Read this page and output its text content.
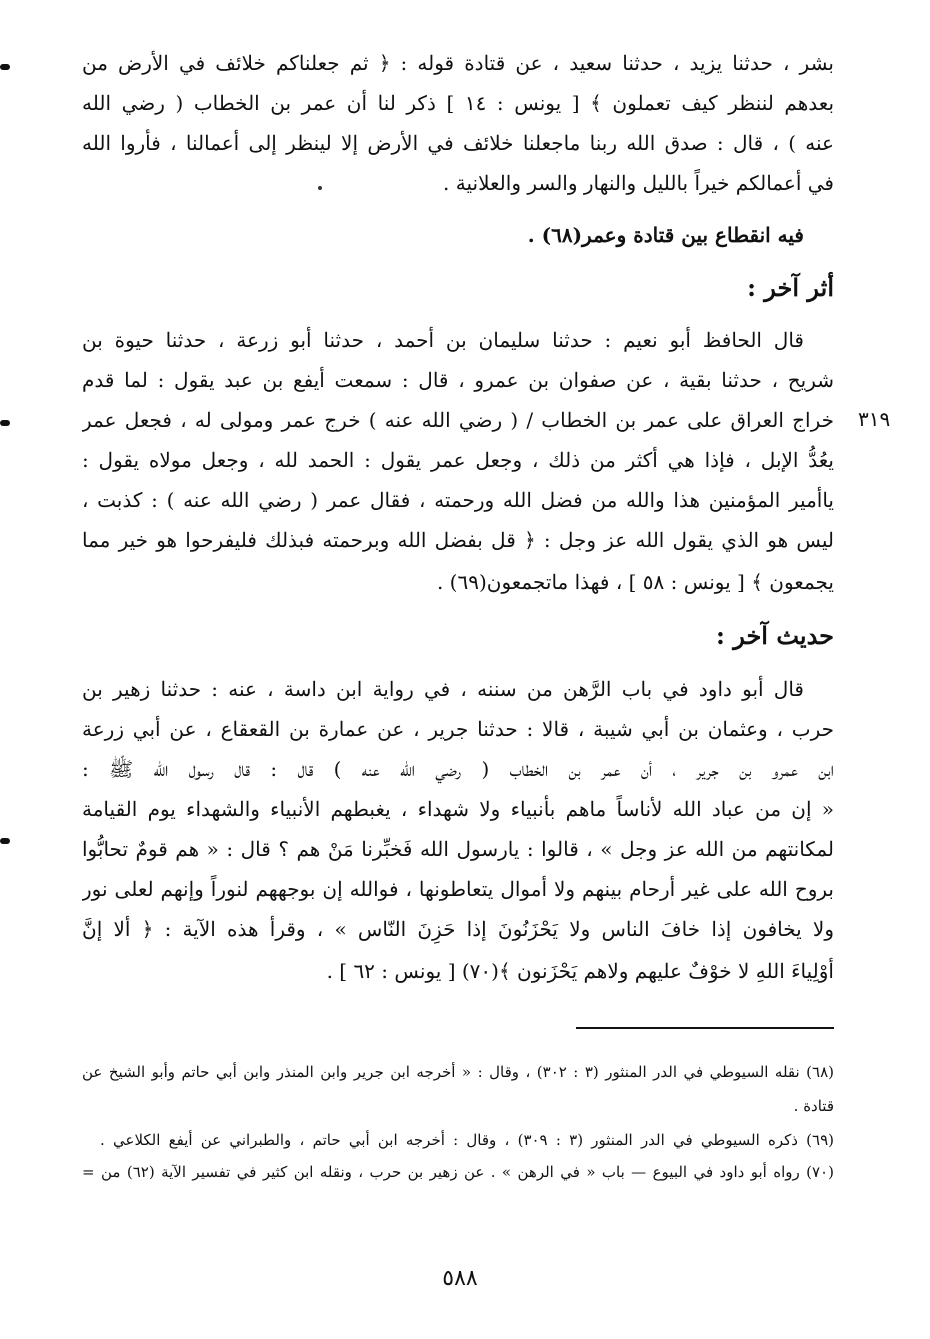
بشر ، حدثنا يزيد ، حدثنا سعيد ، عن قتادة قوله : ﴿ ثم جعلناكم خلائف في الأرض من
بعدهم لننظر كيف تعملون ﴾ [ يونس : ١٤ ] ذكر لنا أن عمر بن الخطاب ( رضي الله
عنه ) ، قال : صدق الله ربنا ماجعلنا خلائف في الأرض إلا لينظر إلى أعمالنا ، فأروا الله
في أعمالكم خيراً بالليل والنهار والسر والعلانية .
فيه انقطاع بين قتادة وعمر(٦٨) .
أثر آخر :
قال الحافظ أبو نعيم : حدثنا سليمان بن أحمد ، حدثنا أبو زرعة ، حدثنا حيوة بن
شريح ، حدثنا بقية ، عن صفوان بن عمرو ، قال : سمعت أيفع بن عبد يقول : لما قدم
خراج العراق على عمر بن الخطاب / ( رضي الله عنه ) خرج عمر ومولى له ، فجعل عمر
يعُدُّ الإبل ، فإذا هي أكثر من ذلك ، وجعل عمر يقول : الحمد لله ، وجعل مولاه يقول :
ياأمير المؤمنين هذا والله من فضل الله ورحمته ، فقال عمر ( رضي الله عنه ) : كذبت ،
ليس هو الذي يقول الله عز وجل : ﴿ قل بفضل الله وبرحمته فبذلك فليفرحوا هو خير مما
يجمعون ﴾ [ يونس : ٥٨ ] ، فهذا ماتجمعون(٦٩) .
٣١٩
حديث آخر :
قال أبو داود في باب الرَّهن من سننه ، في رواية ابن داسة ، عنه : حدثنا زهير بن
حرب ، وعثمان بن أبي شيبة ، قالا : حدثنا جرير ، عن عمارة بن القعقاع ، عن أبي زرعة
ابن عمرو بن جرير ، أن عمر بن الخطاب ( رضي الله عنه ) قال : قال رسول الله ﷺ :
« إن من عباد الله لأناساً ماهم بأنبياء ولا شهداء ، يغبطهم الأنبياء والشهداء يوم القيامة
لمكانتهم من الله عز وجل » ، قالوا : يارسول الله فَخبِّرنا مَنْ هم ؟ قال : « هم قومٌ تحابُّوا
بروح الله على غير أرحام بينهم ولا أموال يتعاطونها ، فوالله إن بوجههم لنوراً وإنهم لعلى نور
ولا يخافون إذا خافَ الناس ولا يَحْزَنُونَ إذا حَزِنَ النّاس » ، وقرأ هذه الآية : ﴿ ألا إنَّ
أوْلِياءَ اللهِ لا خوْفٌ عليهم ولاهم يَحْزَنون ﴾(٧٠) [ يونس : ٦٢ ] .
(٦٨) نقله السيوطي في الدر المنثور (٣ : ٣٠٢) ، وقال : « أخرجه ابن جرير وابن المنذر وابن أبي حاتم وأبو الشيخ عن
قتادة .
(٦٩) ذكره السيوطي في الدر المنثور (٣ : ٣٠٩) ، وقال : أخرجه ابن أبي حاتم ، والطبراني عن أيفع الكلاعي .
(٧٠) رواه أبو داود في البيوع — باب « في الرهن » . عن زهير بن حرب ، ونقله ابن كثير في تفسير الآية (٦٢) من =
٥٨٨
